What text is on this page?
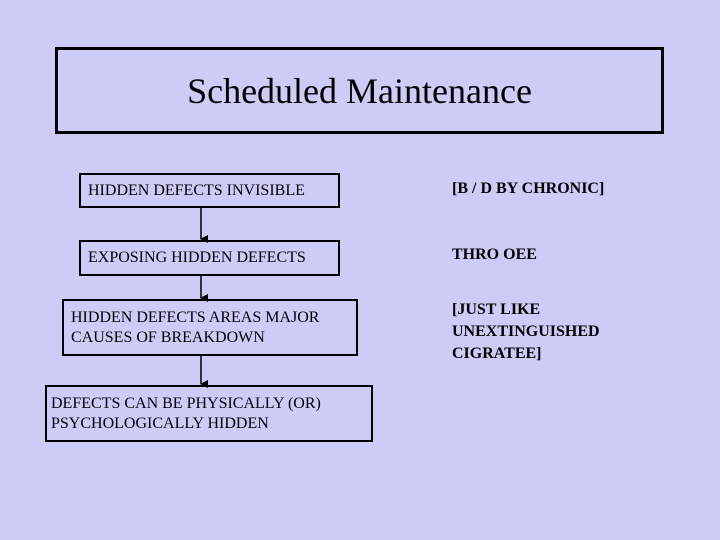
Scheduled Maintenance
HIDDEN DEFECTS INVISIBLE
EXPOSING HIDDEN DEFECTS
HIDDEN DEFECTS AREAS MAJOR
CAUSES OF BREAKDOWN
DEFECTS CAN BE PHYSICALLY (OR)
PSYCHOLOGICALLY HIDDEN
[B / D BY CHRONIC]
THRO OEE
[JUST LIKE
UNEXTINGUISHED
CIGRATEE]
